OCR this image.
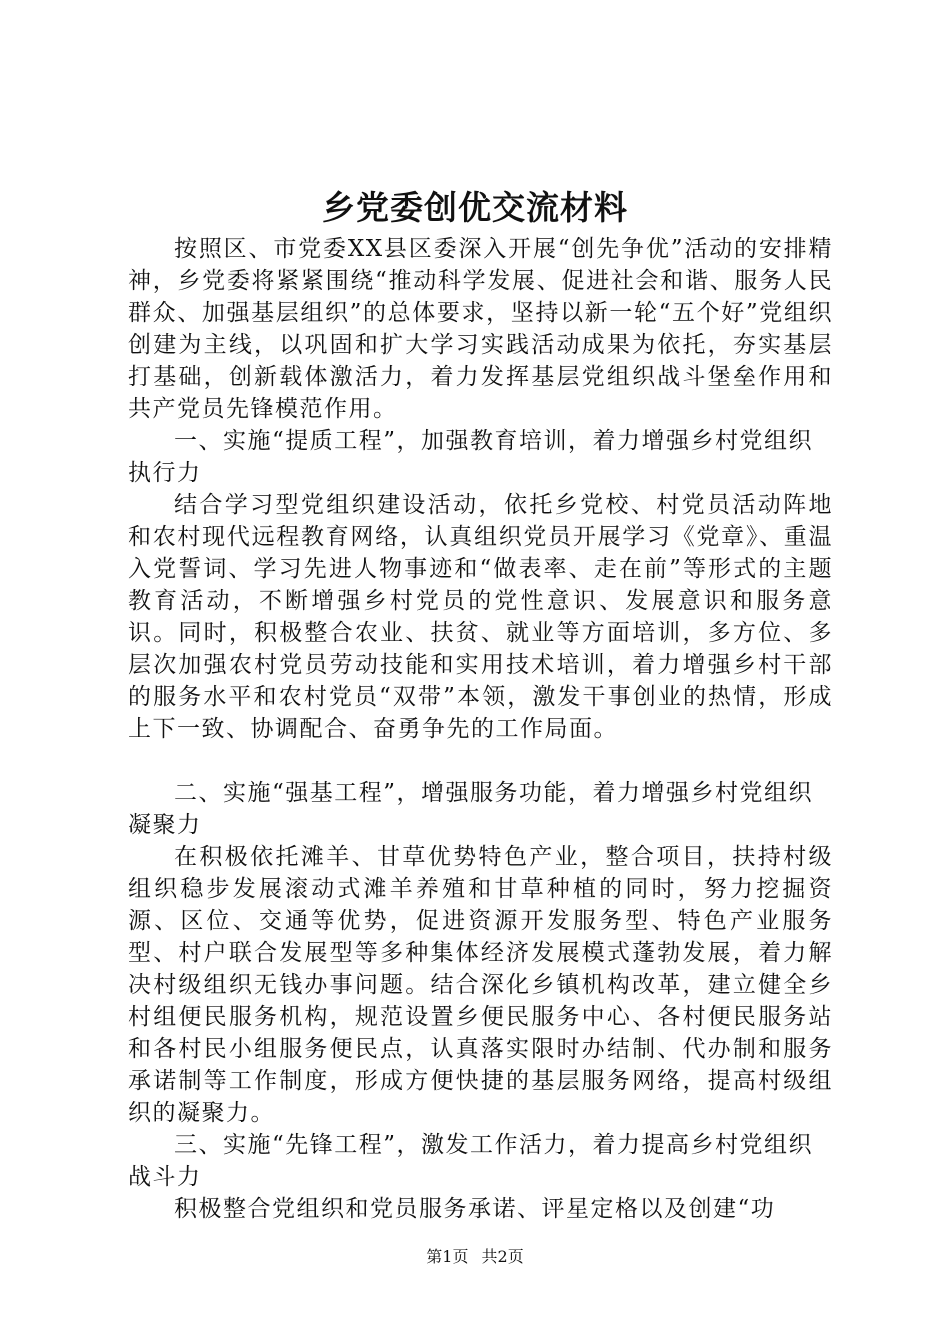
乡党委创优交流材料

按照区、市党委XX县区委深入开展“创先争优”活动的安排精神，乡党委将紧紧围绕“推动科学发展、促进社会和谐、服务人民群众、加强基层组织”的总体要求，坚持以新一轮“五个好”党组织创建为主线，以巩固和扩大学习实践活动成果为依托，夯实基层打基础，创新载体激活力，着力发挥基层党组织战斗堡垒作用和共产党员先锋模范作用。

一、实施“提质工程”，加强教育培训，着力增强乡村党组织执行力

结合学习型党组织建设活动，依托乡党校、村党员活动阵地和农村现代远程教育网络，认真组织党员开展学习《党章》、重温入党誓词、学习先进人物事迹和“做表率、走在前”等形式的主题教育活动，不断增强乡村党员的党性意识、发展意识和服务意识。同时，积极整合农业、扶贫、就业等方面培训，多方位、多层次加强农村党员劳动技能和实用技术培训，着力增强乡村干部的服务水平和农村党员“双带”本领，激发干事创业的热情，形成上下一致、协调配合、奋勇争先的工作局面。

二、实施“强基工程”，增强服务功能，着力增强乡村党组织凝聚力

在积极依托滩羊、甘草优势特色产业，整合项目，扶持村级组织稳步发展滚动式滩羊养殖和甘草种植的同时，努力挖掘资源、区位、交通等优势，促进资源开发服务型、特色产业服务型、村户联合发展型等多种集体经济发展模式蓬勃发展，着力解决村级组织无钱办事问题。结合深化乡镇机构改革，建立健全乡村组便民服务机构，规范设置乡便民服务中心、各村便民服务站和各村民小组服务便民点，认真落实限时办结制、代办制和服务承诺制等工作制度，形成方便快捷的基层服务网络，提高村级组织的凝聚力。

三、实施“先锋工程”，激发工作活力，着力提高乡村党组织战斗力

积极整合党组织和党员服务承诺、评星定格以及创建“功

第1页 共2页
